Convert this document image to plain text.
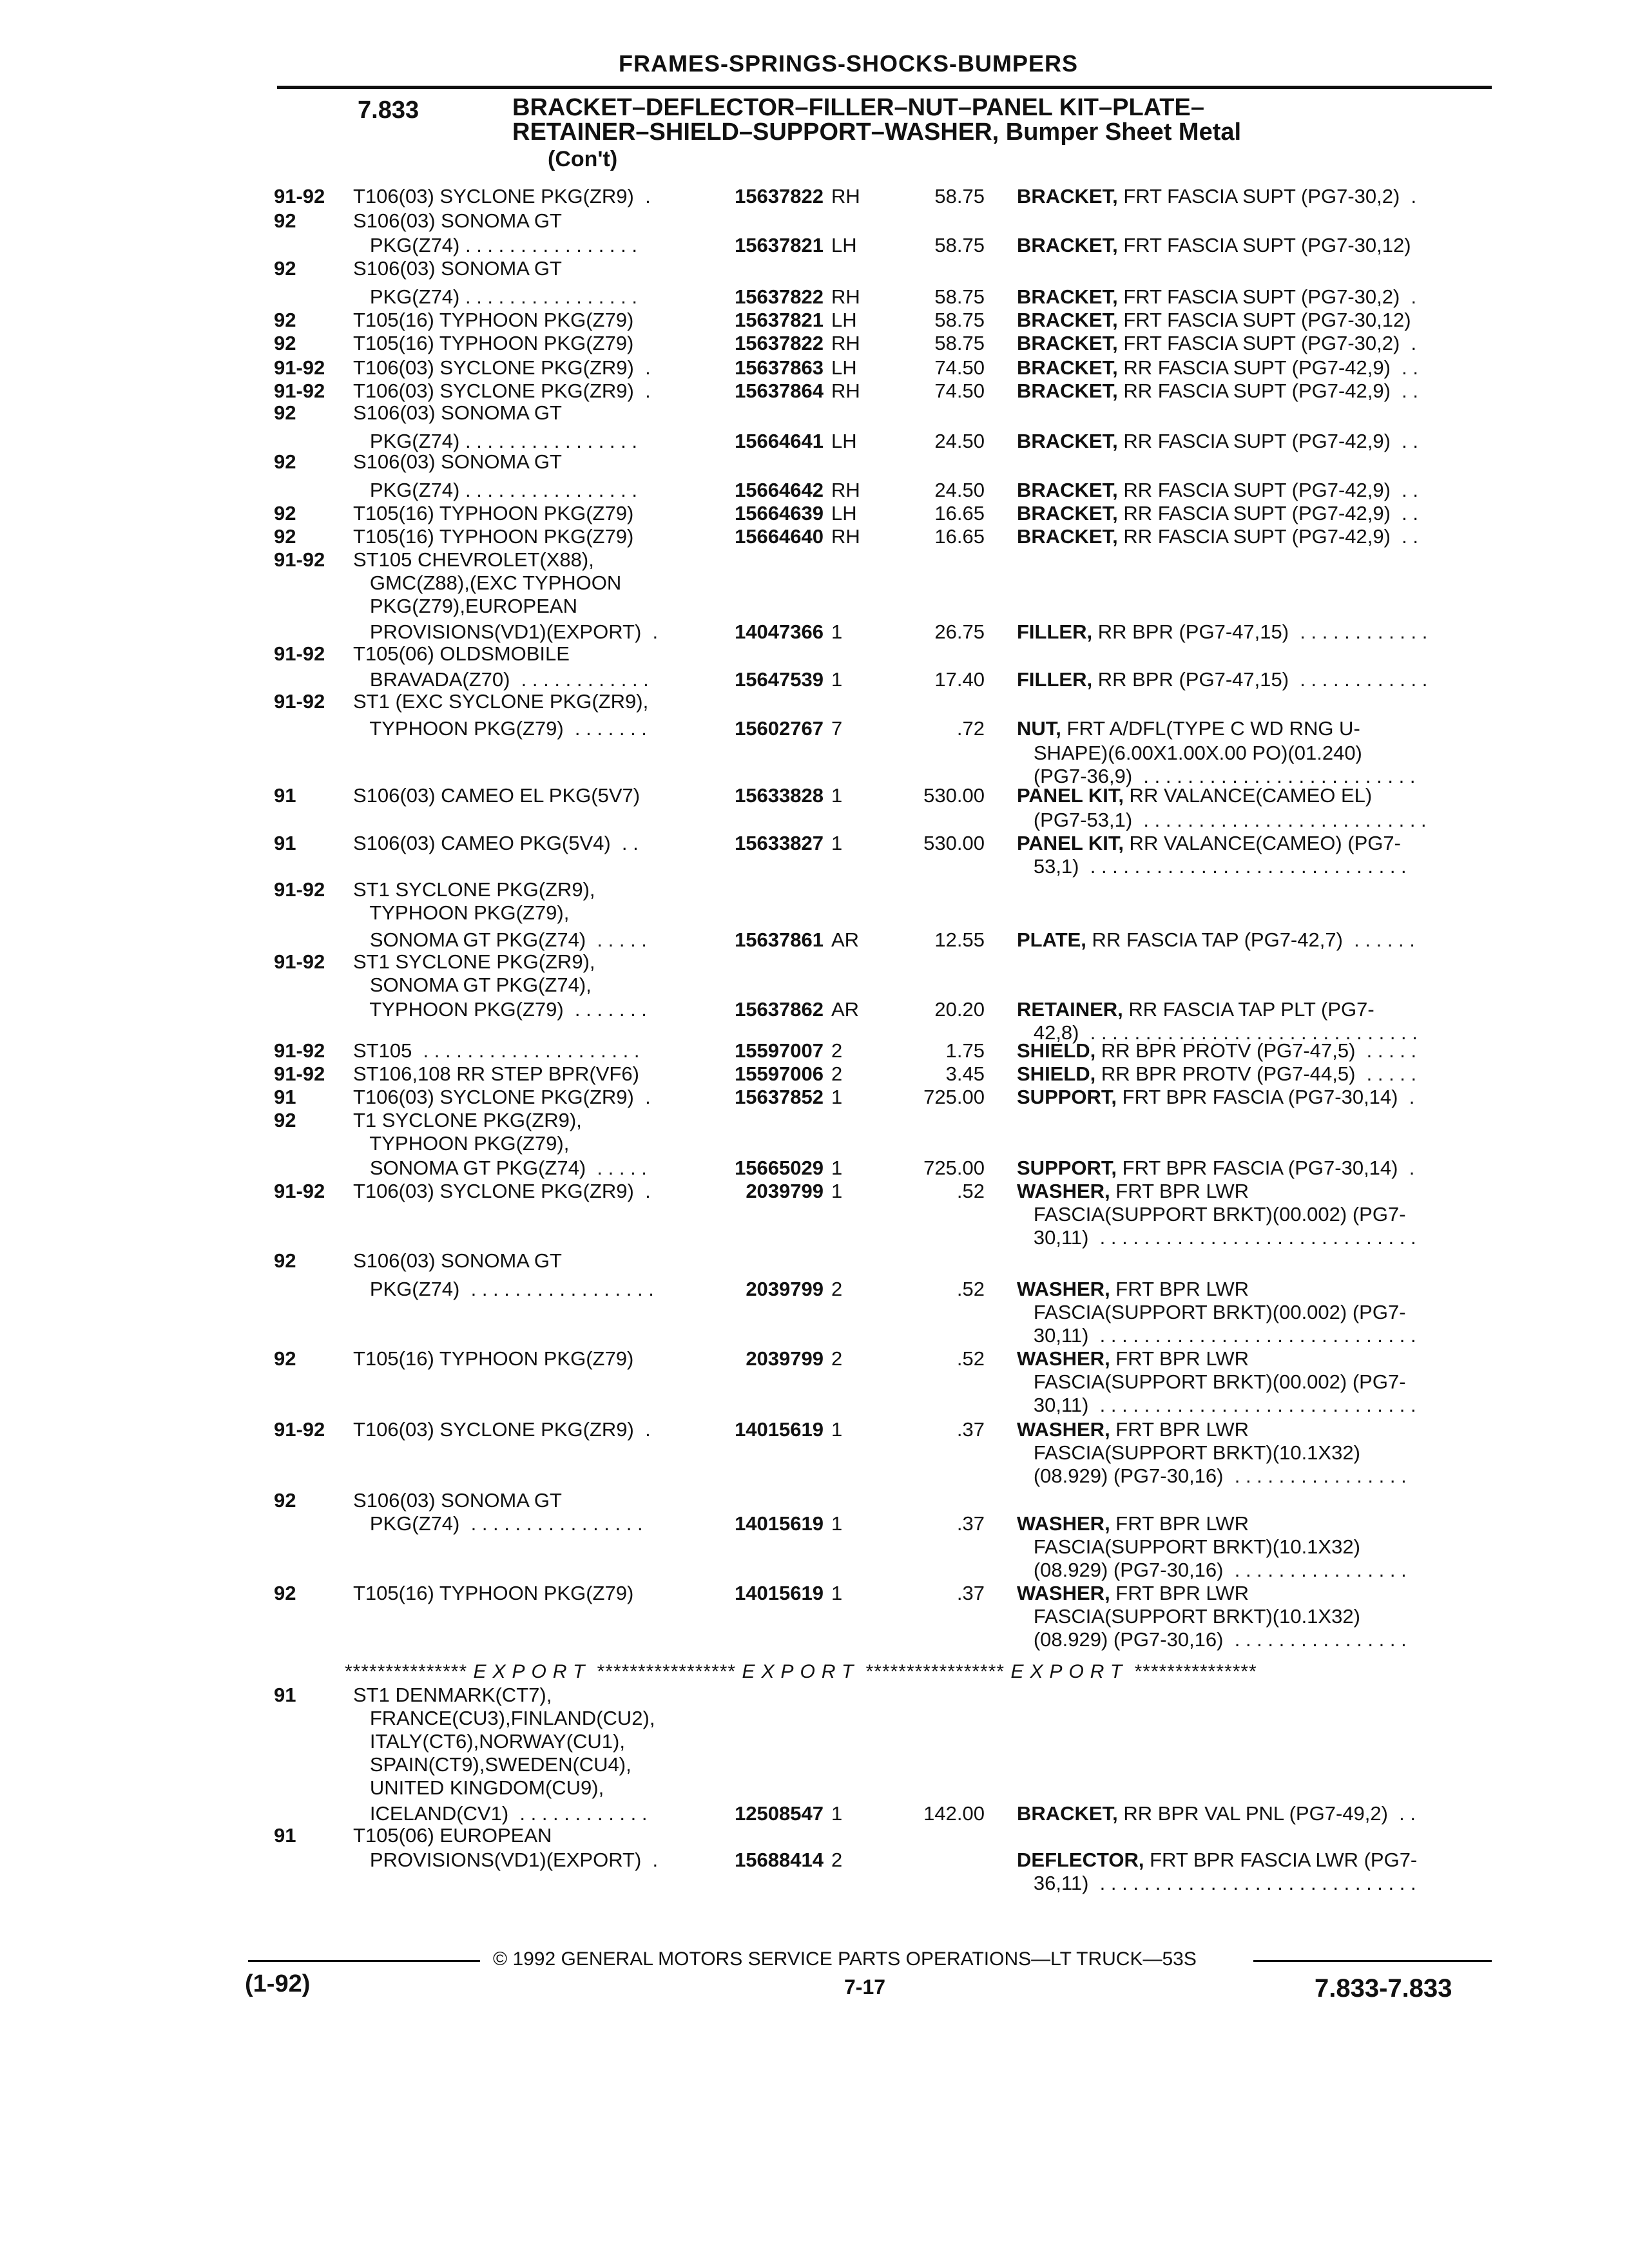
FRAMES-SPRINGS-SHOCKS-BUMPERS
7.833	BRACKET–DEFLECTOR–FILLER–NUT–PANEL KIT–PLATE–
RETAINER–SHIELD–SUPPORT–WASHER, Bumper Sheet Metal
(Con't)
91-92	T106(03) SYCLONE PKG(ZR9)  .	15637822 RH	58.75 BRACKET, FRT FASCIA SUPT (PG7-30,2)  .
92	S106(03) SONOMA GT
PKG(Z74) . . . . . . . . . . . . . . . .	15637821 LH	58.75 BRACKET, FRT FASCIA SUPT (PG7-30,12)
92	S106(03) SONOMA GT
PKG(Z74) . . . . . . . . . . . . . . . .	15637822 RH	58.75 BRACKET, FRT FASCIA SUPT (PG7-30,2)  .
92	T105(16) TYPHOON PKG(Z79)	15637821 LH	58.75 BRACKET, FRT FASCIA SUPT (PG7-30,12)
92	T105(16) TYPHOON PKG(Z79)	15637822 RH	58.75 BRACKET, FRT FASCIA SUPT (PG7-30,2)  .
91-92	T106(03) SYCLONE PKG(ZR9)  .	15637863 LH	74.50 BRACKET, RR FASCIA SUPT (PG7-42,9)  . .
91-92	T106(03) SYCLONE PKG(ZR9)  .	15637864 RH	74.50 BRACKET, RR FASCIA SUPT (PG7-42,9)  . .
92	S106(03) SONOMA GT
PKG(Z74) . . . . . . . . . . . . . . . .	15664641 LH	24.50 BRACKET, RR FASCIA SUPT (PG7-42,9)  . .
92	S106(03) SONOMA GT
PKG(Z74) . . . . . . . . . . . . . . . .	15664642 RH	24.50 BRACKET, RR FASCIA SUPT (PG7-42,9)  . .
92	T105(16) TYPHOON PKG(Z79)	15664639 LH	16.65 BRACKET, RR FASCIA SUPT (PG7-42,9)  . .
92	T105(16) TYPHOON PKG(Z79)	15664640 RH	16.65 BRACKET, RR FASCIA SUPT (PG7-42,9)  . .
91-92	ST105 CHEVROLET(X88),
GMC(Z88),(EXC TYPHOON
PKG(Z79),EUROPEAN
PROVISIONS(VD1)(EXPORT)  .	14047366 1	26.75 FILLER, RR BPR (PG7-47,15)  . . . . . . . . . . . .
91-92	T105(06) OLDSMOBILE
BRAVADA(Z70)  . . . . . . . . . . . .	15647539 1	17.40 FILLER, RR BPR (PG7-47,15)  . . . . . . . . . . . .
91-92	ST1 (EXC SYCLONE PKG(ZR9),
TYPHOON PKG(Z79)  . . . . . . .	15602767 7	.72 NUT, FRT A/DFL(TYPE C WD RNG U-
SHAPE)(6.00X1.00X.00 PO)(01.240)
(PG7-36,9)  . . . . . . . . . . . . . . . . . . . . . . . . .
91	S106(03) CAMEO EL PKG(5V7)	15633828 1	530.00 PANEL KIT, RR VALANCE(CAMEO EL)
(PG7-53,1)  . . . . . . . . . . . . . . . . . . . . . . . . . .
91	S106(03) CAMEO PKG(5V4)  . .	15633827 1	530.00 PANEL KIT, RR VALANCE(CAMEO) (PG7-
53,1)  . . . . . . . . . . . . . . . . . . . . . . . . . . . . .
91-92	ST1 SYCLONE PKG(ZR9),
TYPHOON PKG(Z79),
SONOMA GT PKG(Z74)  . . . . .	15637861 AR	12.55 PLATE, RR FASCIA TAP (PG7-42,7)  . . . . . .
91-92	ST1 SYCLONE PKG(ZR9),
SONOMA GT PKG(Z74),
TYPHOON PKG(Z79)  . . . . . . .	15637862 AR	20.20 RETAINER, RR FASCIA TAP PLT (PG7-
42,8)  . . . . . . . . . . . . . . . . . . . . . . . . . . . . . .
91-92	ST105  . . . . . . . . . . . . . . . . . . . .	15597007 2	1.75 SHIELD, RR BPR PROTV (PG7-47,5)  . . . . .
91-92	ST106,108 RR STEP BPR(VF6)	15597006 2	3.45 SHIELD, RR BPR PROTV (PG7-44,5)  . . . . .
91	T106(03) SYCLONE PKG(ZR9)  .	15637852 1	725.00 SUPPORT, FRT BPR FASCIA (PG7-30,14)  .
92	T1 SYCLONE PKG(ZR9),
TYPHOON PKG(Z79),
SONOMA GT PKG(Z74)  . . . . .	15665029 1	725.00 SUPPORT, FRT BPR FASCIA (PG7-30,14)  .
91-92	T106(03) SYCLONE PKG(ZR9)  .	2039799 1	.52 WASHER, FRT BPR LWR
FASCIA(SUPPORT BRKT)(00.002) (PG7-
30,11)  . . . . . . . . . . . . . . . . . . . . . . . . . . . . .
92	S106(03) SONOMA GT
PKG(Z74)  . . . . . . . . . . . . . . . . .	2039799 2	.52 WASHER, FRT BPR LWR
FASCIA(SUPPORT BRKT)(00.002) (PG7-
30,11)  . . . . . . . . . . . . . . . . . . . . . . . . . . . . .
92	T105(16) TYPHOON PKG(Z79)	2039799 2	.52 WASHER, FRT BPR LWR
FASCIA(SUPPORT BRKT)(00.002) (PG7-
30,11)  . . . . . . . . . . . . . . . . . . . . . . . . . . . . .
91-92	T106(03) SYCLONE PKG(ZR9)  .	14015619 1	.37 WASHER, FRT BPR LWR
FASCIA(SUPPORT BRKT)(10.1X32)
(08.929) (PG7-30,16)  . . . . . . . . . . . . . . . .
92	S106(03) SONOMA GT
PKG(Z74)  . . . . . . . . . . . . . . . .	14015619 1	.37 WASHER, FRT BPR LWR
FASCIA(SUPPORT BRKT)(10.1X32)
(08.929) (PG7-30,16)  . . . . . . . . . . . . . . . .
92	T105(16) TYPHOON PKG(Z79)	14015619 1	.37 WASHER, FRT BPR LWR
FASCIA(SUPPORT BRKT)(10.1X32)
(08.929) (PG7-30,16)  . . . . . . . . . . . . . . . .
91	ST1 DENMARK(CT7),
FRANCE(CU3),FINLAND(CU2),
ITALY(CT6),NORWAY(CU1),
SPAIN(CT9),SWEDEN(CU4),
UNITED KINGDOM(CU9),
ICELAND(CV1)  . . . . . . . . . . . .	12508547 1	142.00 BRACKET, RR BPR VAL PNL (PG7-49,2)  . .
91	T105(06) EUROPEAN
PROVISIONS(VD1)(EXPORT)  .	15688414 2	DEFLECTOR, FRT BPR FASCIA LWR (PG7-
36,11)  . . . . . . . . . . . . . . . . . . . . . . . . . . . . .
*************** EXPORT ***************** EXPORT ***************** EXPORT ***************
© 1992 GENERAL MOTORS SERVICE PARTS OPERATIONS—LT TRUCK—53S
(1-92)	7-17	7.833-7.833
